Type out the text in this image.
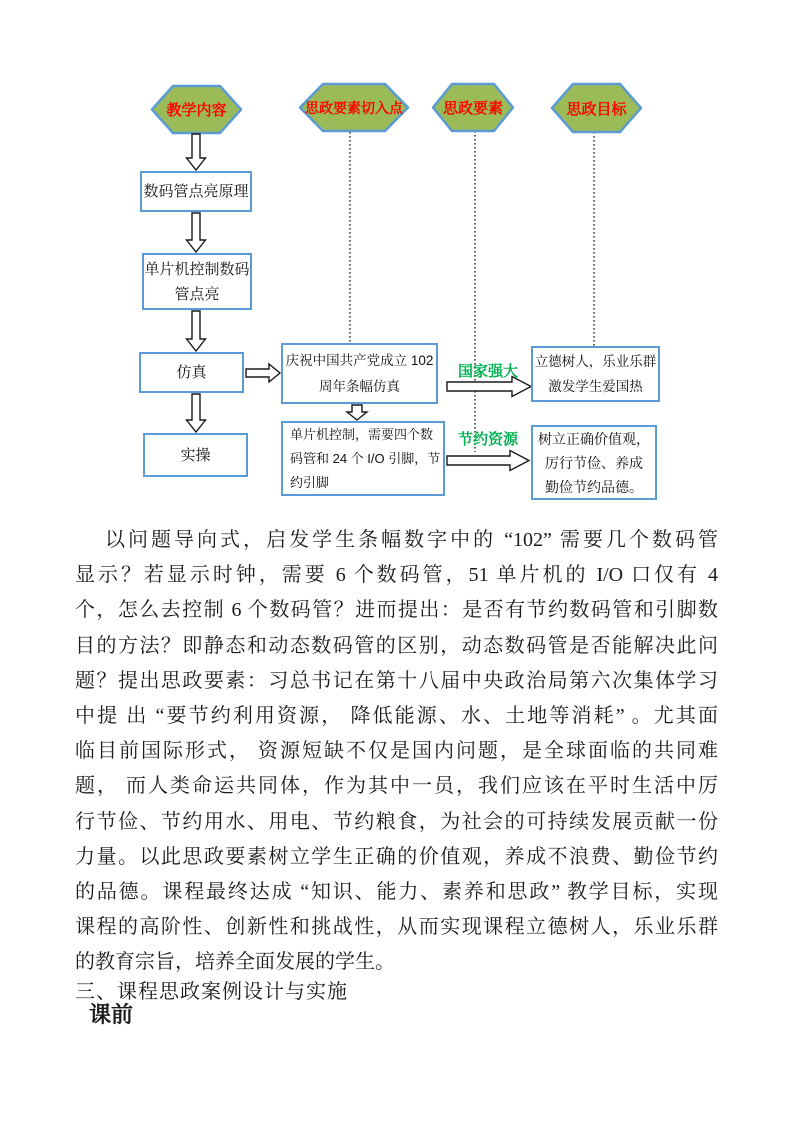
教学内容	思政要素切入点	思政要素	思政目标
数码管点亮原理
单片机控制数码
管点亮
仿真
实操
庆祝中国共产党成立 102
周年条幅仿真
单片机控制，需要四个数
码管和 24 个 I/O 引脚，节
约引脚
立德树人，乐业乐群
激发学生爱国热
树立正确价值观，
厉行节俭、养成
勤俭节约品德。
国家强大
节约资源
以问题导向式，启发学生条幅数字中的 “102” 需要几个数码管
显示？若显示时钟，需要 6 个数码管，51 单片机的 I/O 口仅有 4
个，怎么去控制 6 个数码管？进而提出：是否有节约数码管和引脚数
目的方法？即静态和动态数码管的区别，动态数码管是否能解决此问
题？提出思政要素：习总书记在第十八届中央政治局第六次集体学习
中提 出 “要节约利用资源， 降低能源、水、土地等消耗” 。尤其面
临目前国际形式， 资源短缺不仅是国内问题，是全球面临的共同难
题， 而人类命运共同体，作为其中一员，我们应该在平时生活中厉
行节俭、节约用水、用电、节约粮食，为社会的可持续发展贡献一份
力量。以此思政要素树立学生正确的价值观，养成不浪费、勤俭节约
的品德。课程最终达成 “知识、能力、素养和思政” 教学目标，实现
课程的高阶性、创新性和挑战性，从而实现课程立德树人，乐业乐群
的教育宗旨，培养全面发展的学生。
三、课程思政案例设计与实施
课前
